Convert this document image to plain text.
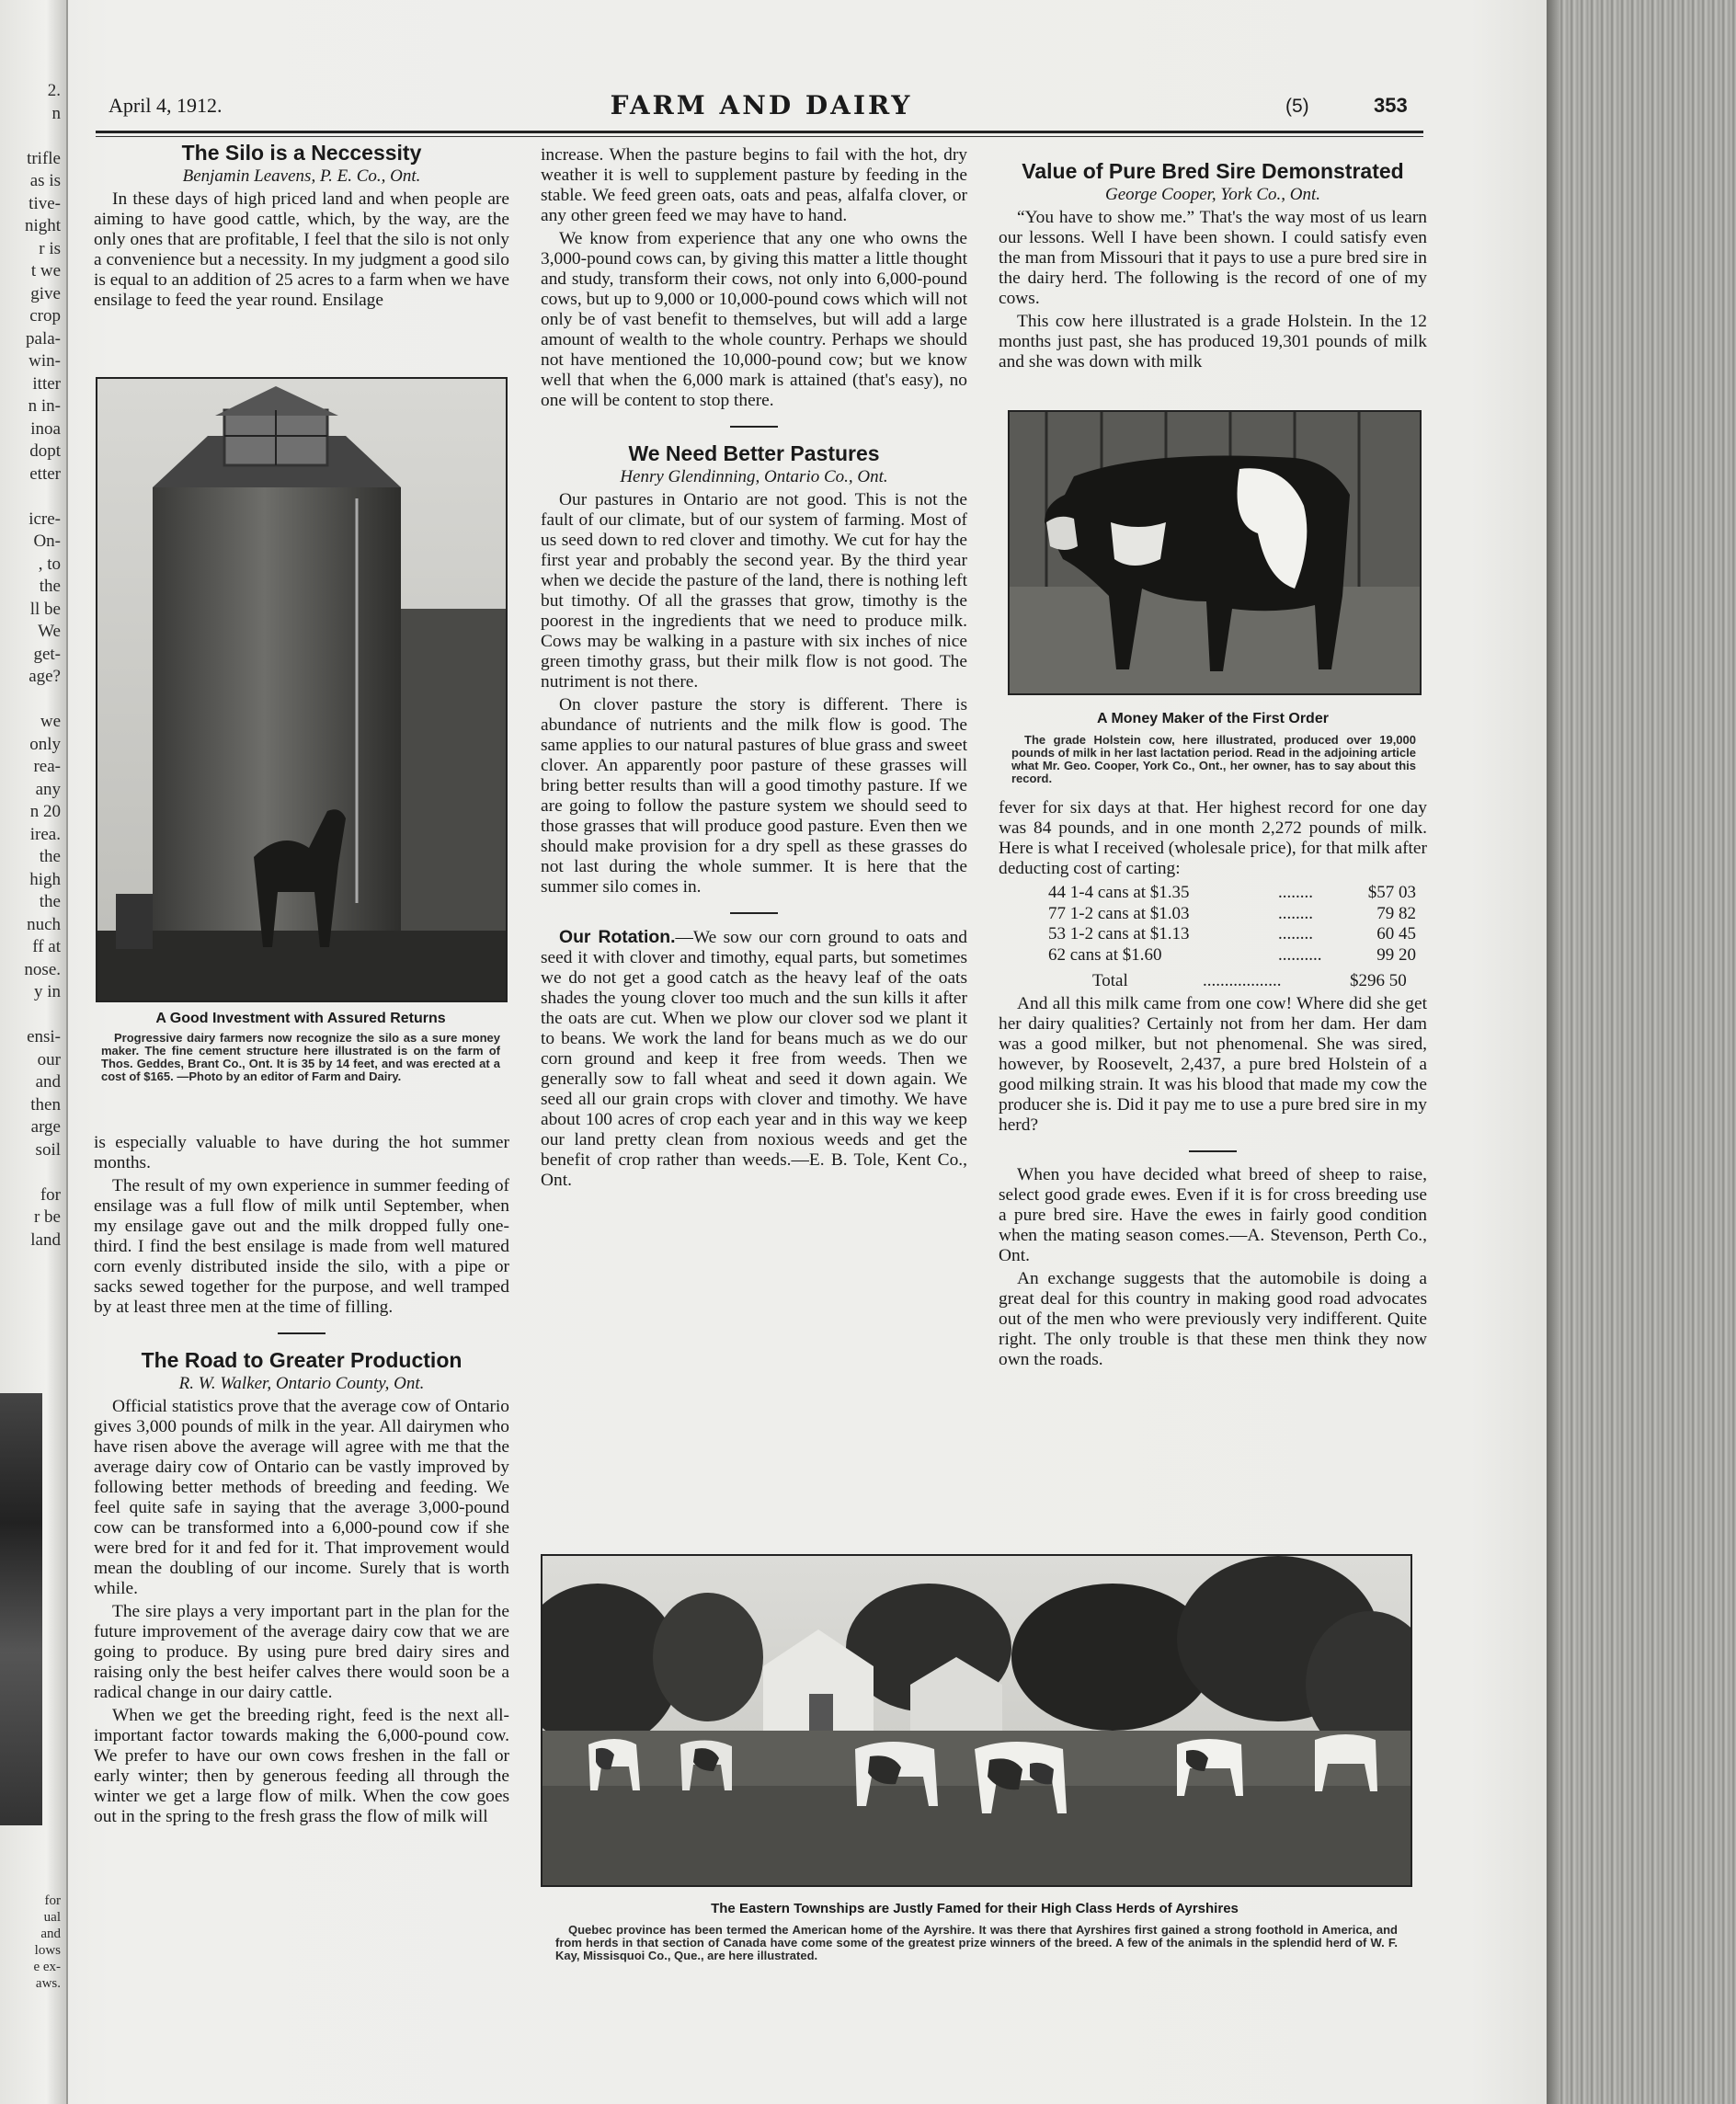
2.
n
trifle
as is
tive-
night
r is
t we
give
crop
pala-
win-
itter
n in-
inoa
dopt
etter
icre-
On-
, to
the
ll be
We
get-
age?
we
only
rea-
any
n 20
irea.
the
high
the
nuch
ff at
nose.
y in
ensi-
our
and
then
arge
soil
for
r be
land
for
ual
and
lows
e ex-
aws.
April 4, 1912.	FARM AND DAIRY	(5)	353
The Silo is a Neccessity
Benjamin Leavens, P. E. Co., Ont.

In these days of high priced land and when people are aiming to have good cattle, which, by the way, are the only ones that are profitable, I feel that the silo is not only a convenience but a necessity. In my judgment a good silo is equal to an addition of 25 acres to a farm when we have ensilage to feed the year round. Ensilage

A Good Investment with Assured Returns

Progressive dairy farmers now recognize the silo as a sure money maker. The fine cement structure here illustrated is on the farm of Thos. Geddes, Brant Co., Ont. It is 35 by 14 feet, and was erected at a cost of $165. —Photo by an editor of Farm and Dairy.

is especially valuable to have during the hot summer months.

The result of my own experience in summer feeding of ensilage was a full flow of milk until September, when my ensilage gave out and the milk dropped fully one-third. I find the best ensilage is made from well matured corn evenly distributed inside the silo, with a pipe or sacks sewed together for the purpose, and well tramped by at least three men at the time of filling.

The Road to Greater Production
R. W. Walker, Ontario County, Ont.

Official statistics prove that the average cow of Ontario gives 3,000 pounds of milk in the year. All dairymen who have risen above the average will agree with me that the average dairy cow of Ontario can be vastly improved by following better methods of breeding and feeding. We feel quite safe in saying that the average 3,000-pound cow can be transformed into a 6,000-pound cow if she were bred for it and fed for it. That improvement would mean the doubling of our income. Surely that is worth while.

The sire plays a very important part in the plan for the future improvement of the average dairy cow that we are going to produce. By using pure bred dairy sires and raising only the best heifer calves there would soon be a radical change in our dairy cattle.

When we get the breeding right, feed is the next all-important factor towards making the 6,000-pound cow. We prefer to have our own cows freshen in the fall or early winter; then by generous feeding all through the winter we get a large flow of milk. When the cow goes out in the spring to the fresh grass the flow of milk will

increase. When the pasture begins to fail with the hot, dry weather it is well to supplement pasture by feeding in the stable. We feed green oats, oats and peas, alfalfa clover, or any other green feed we may have to hand.

We know from experience that any one who owns the 3,000-pound cows can, by giving this matter a little thought and study, transform their cows, not only into 6,000-pound cows, but up to 9,000 or 10,000-pound cows which will not only be of vast benefit to themselves, but will add a large amount of wealth to the whole country. Perhaps we should not have mentioned the 10,000-pound cow; but we know well that when the 6,000 mark is attained (that's easy), no one will be content to stop there.

We Need Better Pastures
Henry Glendinning, Ontario Co., Ont.

Our pastures in Ontario are not good. This is not the fault of our climate, but of our system of farming. Most of us seed down to red clover and timothy. We cut for hay the first year and probably the second year. By the third year when we decide the pasture of the land, there is nothing left but timothy. Of all the grasses that grow, timothy is the poorest in the ingredients that we need to produce milk. Cows may be walking in a pasture with six inches of nice green timothy grass, but their milk flow is not good. The nutriment is not there.

On clover pasture the story is different. There is abundance of nutrients and the milk flow is good. The same applies to our natural pastures of blue grass and sweet clover. An apparently poor pasture of these grasses will bring better results than will a good timothy pasture. If we are going to follow the pasture system we should seed to those grasses that will produce good pasture. Even then we should make provision for a dry spell as these grasses do not last during the whole summer. It is here that the summer silo comes in.

Our Rotation.—We sow our corn ground to oats and seed it with clover and timothy, equal parts, but sometimes we do not get a good catch as the heavy leaf of the oats shades the young clover too much and the sun kills it after the oats are cut. When we plow our clover sod we plant it to beans. We work the land for beans much as we do our corn ground and keep it free from weeds. Then we generally sow to fall wheat and seed it down again. We seed all our grain crops with clover and timothy. We have about 100 acres of crop each year and in this way we keep our land pretty clean from noxious weeds and get the benefit of crop rather than weeds.—E. B. Tole, Kent Co., Ont.

Value of Pure Bred Sire Demonstrated
George Cooper, York Co., Ont.

“You have to show me.” That's the way most of us learn our lessons. Well I have been shown. I could satisfy even the man from Missouri that it pays to use a pure bred sire in the dairy herd. The following is the record of one of my cows.

This cow here illustrated is a grade Holstein. In the 12 months just past, she has produced 19,301 pounds of milk and she was down with milk

A Money Maker of the First Order

The grade Holstein cow, here illustrated, produced over 19,000 pounds of milk in her last lactation period. Read in the adjoining article what Mr. Geo. Cooper, York Co., Ont., her owner, has to say about this record.

fever for six days at that. Her highest record for one day was 84 pounds, and in one month 2,272 pounds of milk. Here is what I received (wholesale price), for that milk after deducting cost of carting:

44 1-4 cans at $1.35	........	$57 03
77 1-2 cans at $1.03	........	79 82
53 1-2 cans at $1.13	........	60 45
62 cans at $1.60	..........	99 20
Total	..................	$296 50

And all this milk came from one cow! Where did she get her dairy qualities? Certainly not from her dam. Her dam was a good milker, but not phenomenal. She was sired, however, by Roosevelt, 2,437, a pure bred Holstein of a good milking strain. It was his blood that made my cow the producer she is. Did it pay me to use a pure bred sire in my herd?

When you have decided what breed of sheep to raise, select good grade ewes. Even if it is for cross breeding use a pure bred sire. Have the ewes in fairly good condition when the mating season comes.—A. Stevenson, Perth Co., Ont.

An exchange suggests that the automobile is doing a great deal for this country in making good road advocates out of the men who were previously very indifferent. Quite right. The only trouble is that these men think they now own the roads.

The Eastern Townships are Justly Famed for their High Class Herds of Ayrshires

Quebec province has been termed the American home of the Ayrshire. It was there that Ayrshires first gained a strong foothold in America, and from herds in that section of Canada have come some of the greatest prize winners of the breed. A few of the animals in the splendid herd of W. F. Kay, Missisquoi Co., Que., are here illustrated.
